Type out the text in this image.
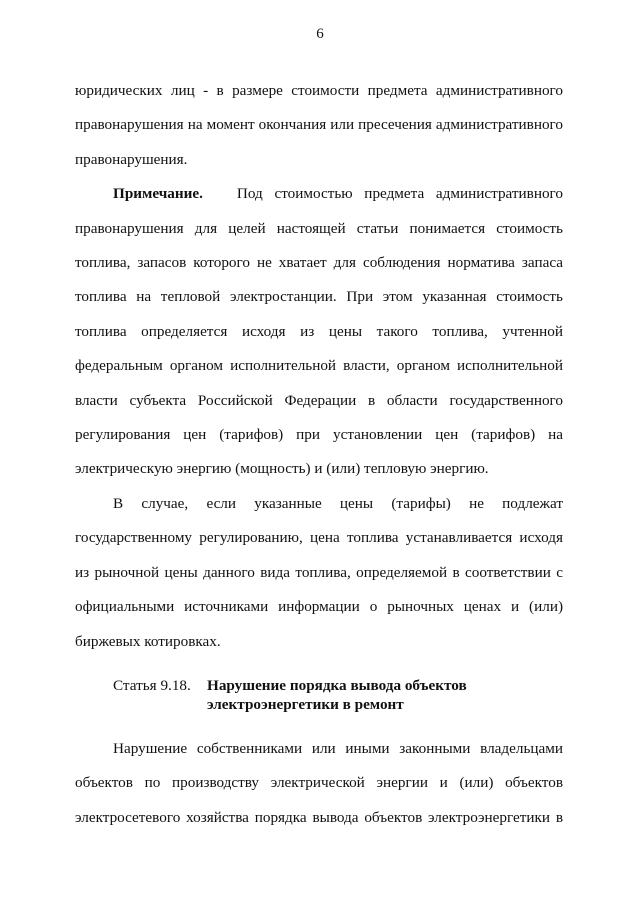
6

юридических лиц - в размере стоимости предмета административного
правонарушения на момент окончания или пресечения административного
правонарушения.

Примечание. Под стоимостью предмета административного
правонарушения для целей настоящей статьи понимается стоимость
топлива, запасов которого не хватает для соблюдения норматива запаса
топлива на тепловой электростанции. При этом указанная стоимость
топлива определяется исходя из цены такого топлива, учтенной
федеральным органом исполнительной власти, органом исполнительной
власти субъекта Российской Федерации в области государственного
регулирования цен (тарифов) при установлении цен (тарифов) на
электрическую энергию (мощность) и (или) тепловую энергию.

В случае, если указанные цены (тарифы) не подлежат
государственному регулированию, цена топлива устанавливается исходя
из рыночной цены данного вида топлива, определяемой в соответствии с
официальными источниками информации о рыночных ценах и (или)
биржевых котировках.

Статья 9.18.	Нарушение порядка вывода объектов
электроэнергетики в ремонт

Нарушение собственниками или иными законными владельцами
объектов по производству электрической энергии и (или) объектов
электросетевого хозяйства порядка вывода объектов электроэнергетики в
